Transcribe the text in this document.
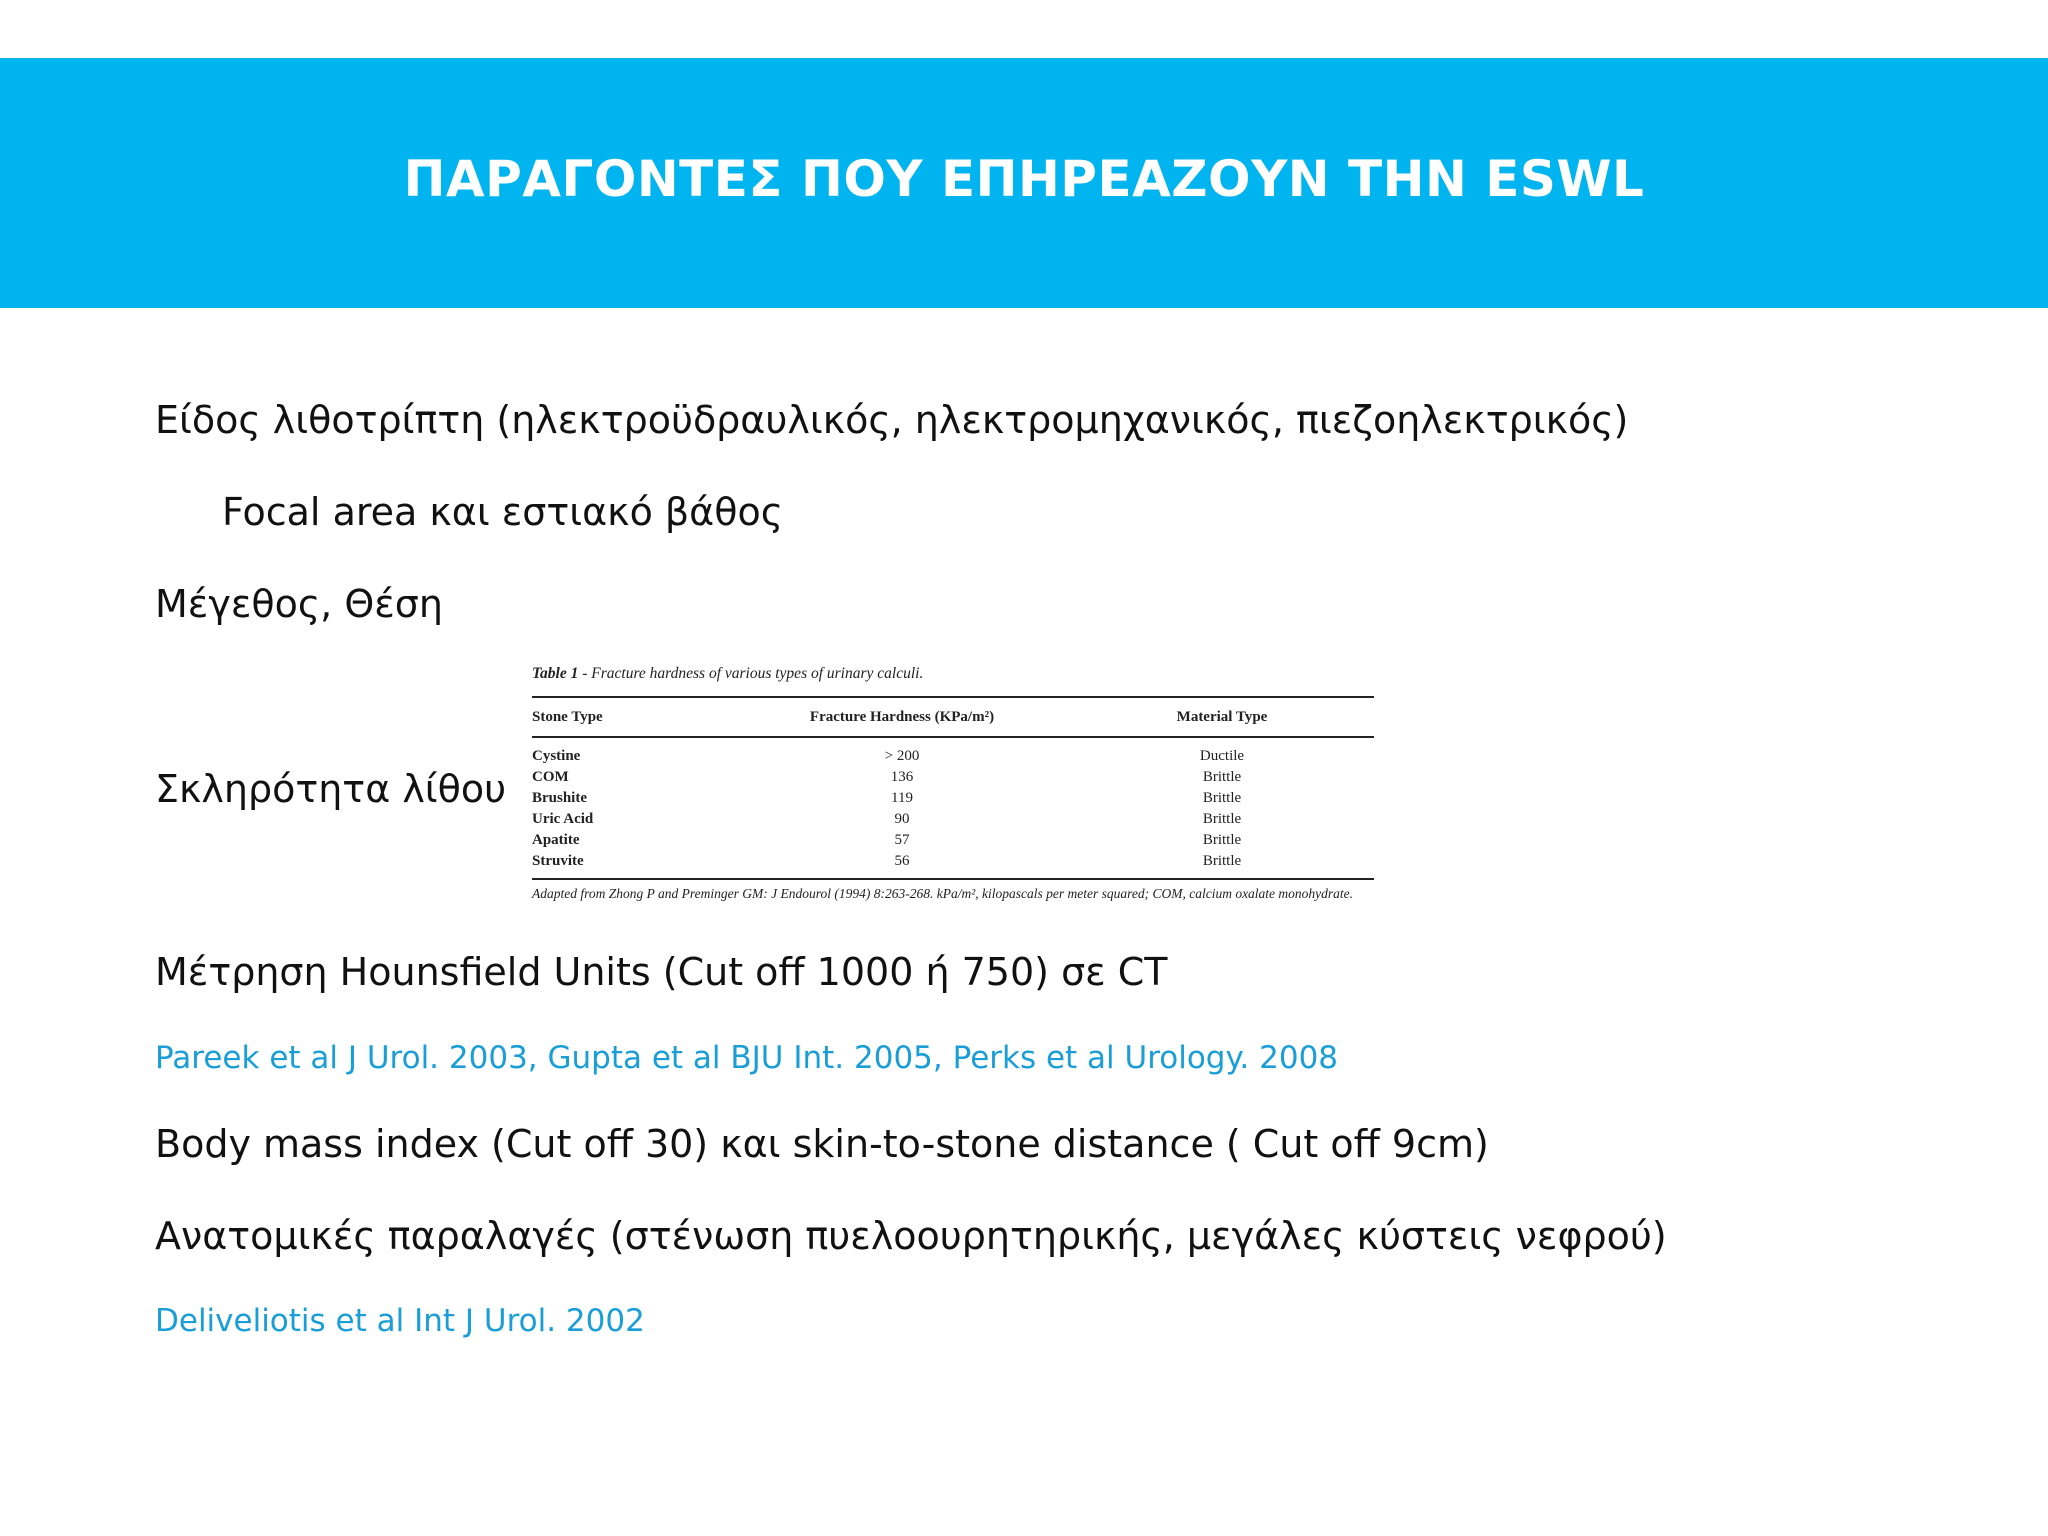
ΠΑΡΑΓΟΝΤΕΣ ΠΟΥ ΕΠΗΡΕΑΖΟΥΝ ΤΗΝ ESWL

Είδος λιθοτρίπτη (ηλεκτροϋδραυλικός, ηλεκτρομηχανικός, πιεζοηλεκτρικός)

Focal area και εστιακό βάθος

Μέγεθος, Θέση

Σκληρότητα λίθου

Table 1 - Fracture hardness of various types of urinary calculi.

Stone Type	Fracture Hardness (KPa/m²)	Material Type
Cystine	> 200	Ductile
COM	136	Brittle
Brushite	119	Brittle
Uric Acid	90	Brittle
Apatite	57	Brittle
Struvite	56	Brittle
Adapted from Zhong P and Preminger GM: J Endourol (1994) 8:263-268. kPa/m², kilopascals per meter squared; COM, calcium oxalate monohydrate.

Μέτρηση Hounsfield Units (Cut off 1000 ή 750) σε CT

Pareek et al J Urol. 2003, Gupta et al BJU Int. 2005, Perks et al Urology. 2008

Body mass index (Cut off 30) και skin-to-stone distance ( Cut off 9cm)

Ανατομικές παραλαγές (στένωση πυελοουρητηρικής, μεγάλες κύστεις νεφρού)

Deliveliotis et al Int J Urol. 2002
